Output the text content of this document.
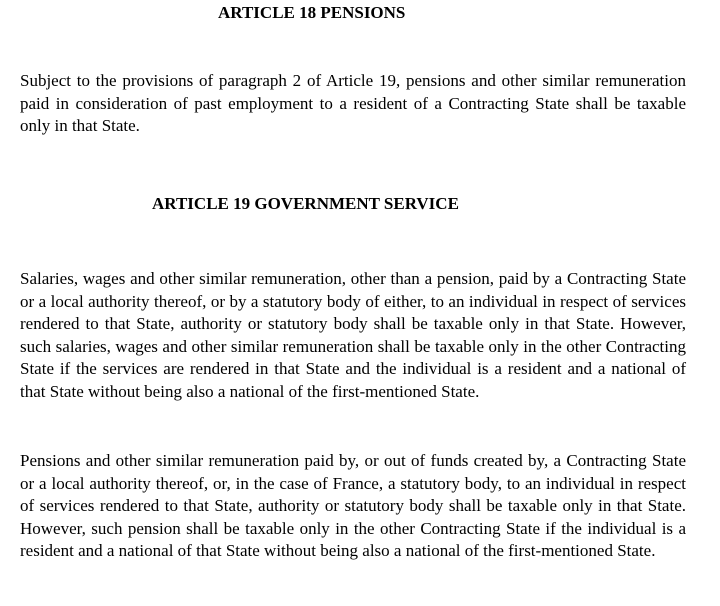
ARTICLE 18 PENSIONS

Subject to the provisions of paragraph 2 of Article 19, pensions and other similar remuneration paid in consideration of past employment to a resident of a Contracting State shall be taxable only in that State.

ARTICLE 19 GOVERNMENT SERVICE

Salaries, wages and other similar remuneration, other than a pension, paid by a Contracting State or a local authority thereof, or by a statutory body of either, to an individual in respect of services rendered to that State, authority or statutory body shall be taxable only in that State. However, such salaries, wages and other similar remuneration shall be taxable only in the other Contracting State if the services are rendered in that State and the individual is a resident and a national of that State without being also a national of the first-mentioned State.

Pensions and other similar remuneration paid by, or out of funds created by, a Contracting State or a local authority thereof, or, in the case of France, a statutory body, to an individual in respect of services rendered to that State, authority or statutory body shall be taxable only in that State. However, such pension shall be taxable only in the other Contracting State if the individual is a resident and a national of that State without being also a national of the first-mentioned State.
